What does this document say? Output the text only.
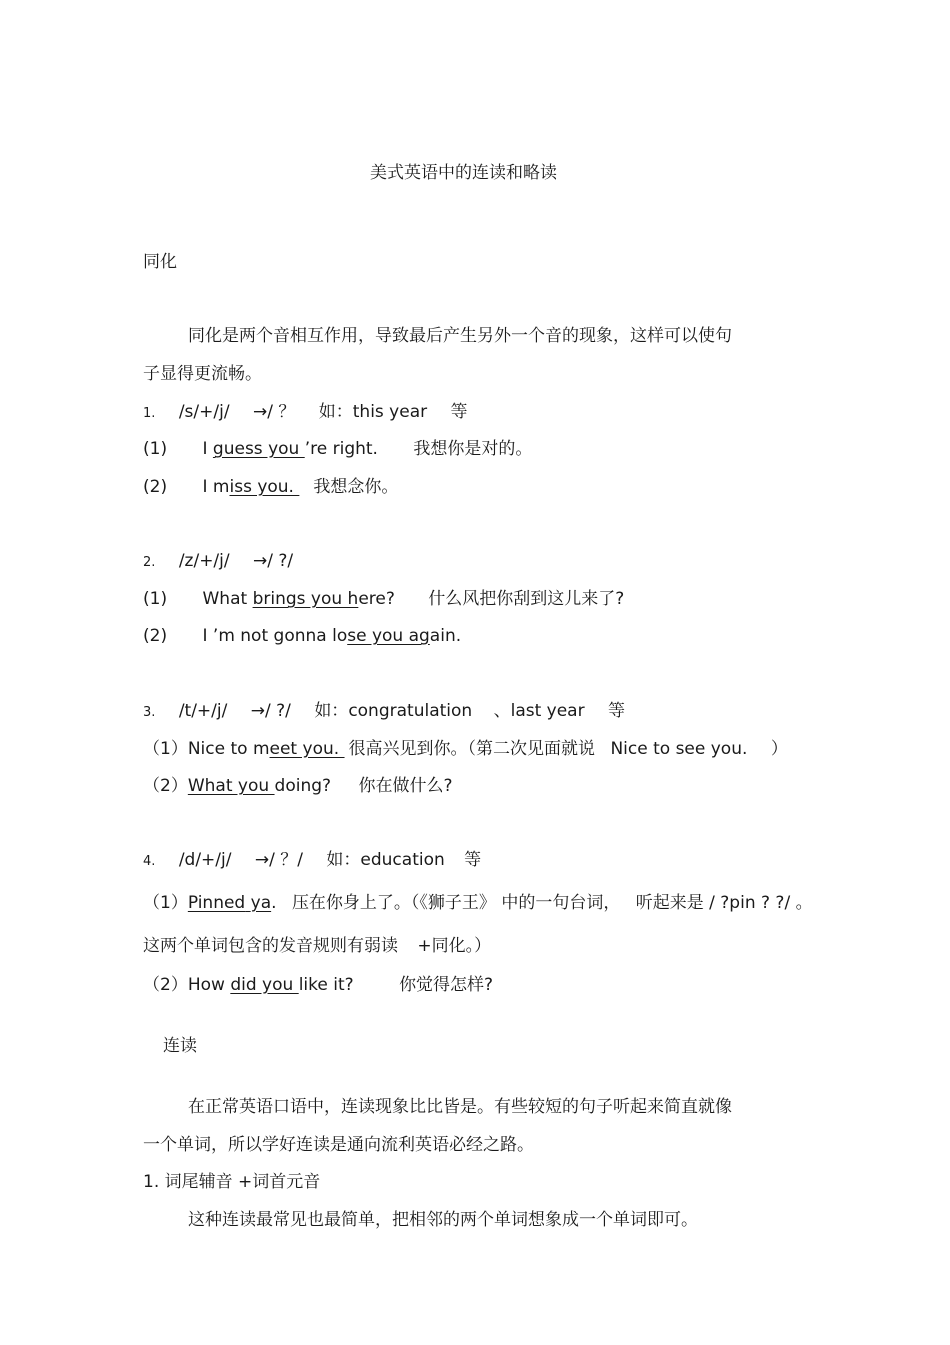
美式英语中的连读和略读
同化
同化是两个音相互作用，导致最后产生另外一个音的现象，这样可以使句
子显得更流畅。
1. /s/+/j/ →/ ？ 如：this year 等
(1) I guess you ’re right. 我想你是对的。
(2) I miss you. 我想念你。
2. /z/+/j/ →/ ?/
(1) What brings you here? 什么风把你刮到这儿来了?
(2) I ’m not gonna lose you again.
3. /t/+/j/ →/ ?/ 如：congratulation 、last year 等
（1）Nice to meet you. 很高兴见到你。（第二次见面就说 Nice to see you. ）
（2）What you doing? 你在做什么?
4. /d/+/j/ →/ ？/ 如：education 等
（1）Pinned ya. 压在你身上了。（《狮子王》 中的一句台词， 听起来是 / ?pin ? ?/ 。
这两个单词包含的发音规则有弱读 +同化。）
（2）How did you like it?	你觉得怎样?
连读
在正常英语口语中，连读现象比比皆是。有些较短的句子听起来简直就像
一个单词，所以学好连读是通向流利英语必经之路。
1. 词尾辅音 +词首元音
这种连读最常见也最简单，把相邻的两个单词想象成一个单词即可。
